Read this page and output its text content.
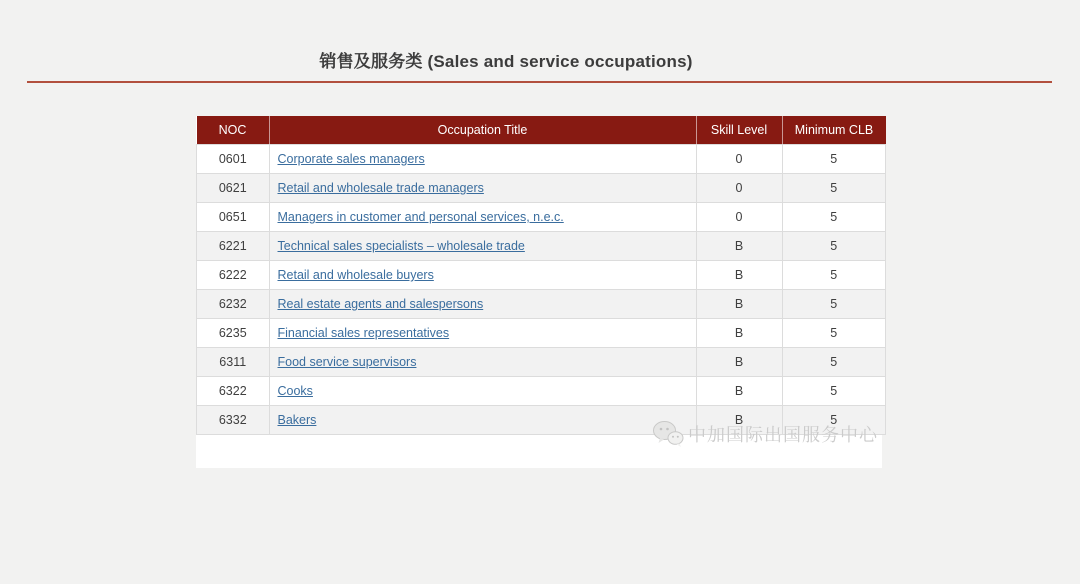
销售及服务类 (Sales and service occupations)
NOC	Occupation Title	Skill Level	Minimum CLB
0601	Corporate sales managers	0	5
0621	Retail and wholesale trade managers	0	5
0651	Managers in customer and personal services, n.e.c.	0	5
6221	Technical sales specialists – wholesale trade	B	5
6222	Retail and wholesale buyers	B	5
6232	Real estate agents and salespersons	B	5
6235	Financial sales representatives	B	5
6311	Food service supervisors	B	5
6322	Cooks	B	5
6332	Bakers	B	5
中加国际出国服务中心
